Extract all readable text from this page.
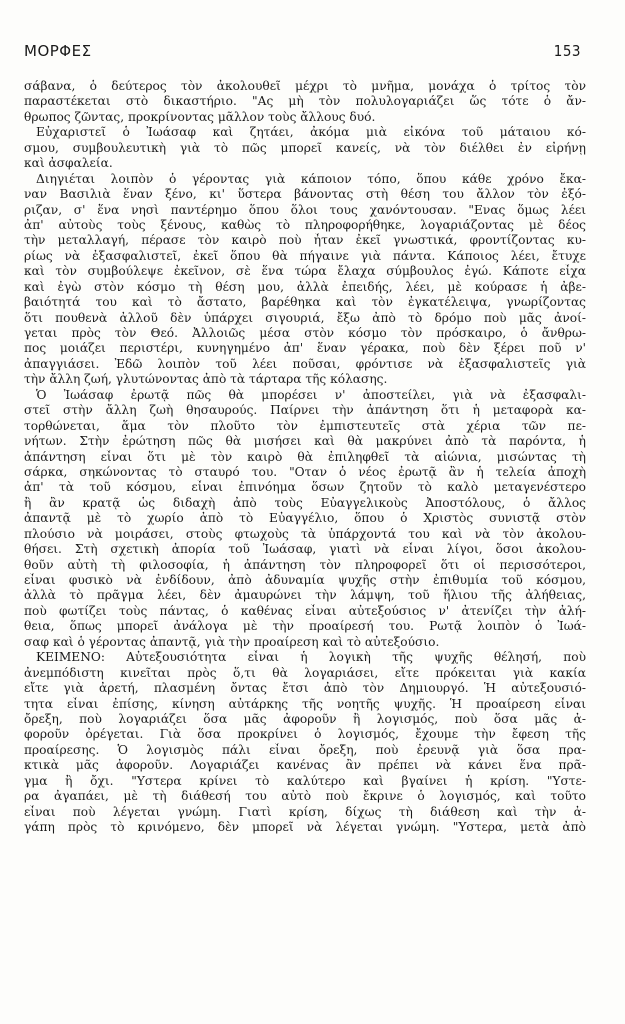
ΜΟΡΦΕΣ	153
σάβανα, ὁ δεύτερος τὸν ἀκολουθεῖ μέχρι τὸ μνῆμα, μονάχα ὁ τρίτος τὸν
παραστέκεται στὸ δικαστήριο. "Ας μὴ τὸν πολυλογαριάζει ὥς τότε ὁ ἄν-
θρωπος ζῶντας, προκρίνοντας μᾶλλον τοὺς ἄλλους δυό.
Εὐχαριστεῖ ὁ Ἰωάσαφ καὶ ζητάει, ἀκόμα μιὰ εἰκόνα τοῦ μάταιου κό-
σμου, συμβουλευτικὴ γιὰ τὸ πῶς μπορεῖ κανείς, νὰ τὸν διέλθει ἐν εἰρήνῃ
καὶ ἀσφαλεία.
Διηγιέται λοιπὸν ὁ γέροντας γιὰ κάποιον τόπο, ὅπου κάθε χρόνο ἔκα-
ναν Βασιλιὰ ἕναν ξένο, κι' ὕστερα βάνοντας στὴ θέση του ἄλλον τὸν ἐξό-
ριζαν, σ' ἕνα νησὶ παντέρημο ὅπου ὅλοι τους χανόντουσαν. "Ενας ὅμως λέει
ἀπ' αὐτοὺς τοὺς ξένους, καθὼς τὸ πληροφορήθηκε, λογαριάζοντας μὲ δέος
τὴν μεταλλαγή, πέρασε τὸν καιρὸ ποὺ ἦταν ἐκεῖ γνωστικά, φροντίζοντας κυ-
ρίως νὰ ἐξασφαλιστεῖ, ἐκεῖ ὅπου θὰ πήγαινε γιὰ πάντα. Κάποιος λέει, ἔτυχε
καὶ τὸν συμβούλεψε ἐκεῖνον, σὲ ἕνα τώρα ἔλαχα σύμβουλος ἐγώ. Κάποτε εἶχα
καὶ ἐγὼ στὸν κόσμο τὴ θέση μου, ἀλλὰ ἐπειδής, λέει, μὲ κούρασε ἡ ἀβε-
βαιότητά του καὶ τὸ ἄστατο, βαρέθηκα καὶ τὸν ἐγκατέλειψα, γνωρίζοντας
ὅτι πουθενὰ ἀλλοῦ δὲν ὑπάρχει σιγουριά, ἔξω ἀπὸ τὸ δρόμο ποὺ μᾶς ἀνοί-
γεται πρὸς τὸν Θεό. Ἀλλοιῶς μέσα στὸν κόσμο τὸν πρόσκαιρο, ὁ ἄνθρω-
πος μοιάζει περιστέρι, κυνηγημένο ἀπ' ἕναν γέρακα, ποὺ δὲν ξέρει ποῦ ν'
ἀπαγγιάσει. Ἐδῶ λοιπὸν τοῦ λέει ποῦσαι, φρόντισε νὰ ἐξασφαλιστεῖς γιὰ
τὴν ἄλλη ζωή, γλυτώνοντας ἀπὸ τὰ τάρταρα τῆς κόλασης.
Ὁ Ἰωάσαφ ἐρωτᾷ πῶς θὰ μπορέσει ν' ἀποστείλει, γιὰ νὰ ἐξασφαλι-
στεῖ στὴν ἄλλη ζωὴ θησαυρούς. Παίρνει τὴν ἀπάντηση ὅτι ἡ μεταφορὰ κα-
τορθώνεται, ἅμα τὸν πλοῦτο τὸν ἐμπιστευτεῖς στὰ χέρια τῶν πε-
νήτων. Στὴν ἐρώτηση πῶς θὰ μισήσει καὶ θὰ μακρύνει ἀπὸ τὰ παρόντα, ἡ
ἀπάντηση εἶναι ὅτι μὲ τὸν καιρὸ θὰ ἐπιληφθεῖ τὰ αἰώνια, μισώντας τὴ
σάρκα, σηκώνοντας τὸ σταυρό του. "Οταν ὁ νέος ἐρωτᾷ ἂν ἡ τελεία ἀποχὴ
ἀπ' τὰ τοῦ κόσμου, εἶναι ἐπινόημα ὅσων ζητοῦν τὸ καλὸ μεταγενέστερο
ἢ ἂν κρατᾷ ὡς διδαχὴ ἀπὸ τοὺς Εὐαγγελικοὺς Ἀποστόλους, ὁ ἄλλος
ἀπαντᾷ μὲ τὸ χωρίο ἀπὸ τὸ Εὐαγγέλιο, ὅπου ὁ Χριστὸς συνιστᾷ στὸν
πλούσιο νὰ μοιράσει, στοὺς φτωχοὺς τὰ ὑπάρχοντά του καὶ νὰ τὸν ἀκολου-
θήσει. Στὴ σχετικὴ ἀπορία τοῦ Ἰωάσαφ, γιατὶ νὰ εἶναι λίγοι, ὅσοι ἀκολου-
θοῦν αὐτὴ τὴ φιλοσοφία, ἡ ἀπάντηση τὸν πληροφορεῖ ὅτι οἱ περισσότεροι,
εἶναι φυσικὸ νὰ ἐνδίδουν, ἀπὸ ἀδυναμία ψυχῆς στὴν ἐπιθυμία τοῦ κόσμου,
ἀλλὰ τὸ πρᾶγμα λέει, δὲν ἀμαυρώνει τὴν λάμψη, τοῦ ἥλιου τῆς ἀλήθειας,
ποὺ φωτίζει τοὺς πάντας, ὁ καθένας εἶναι αὐτεξούσιος ν' ἀτενίζει τὴν ἀλή-
θεια, ὅπως μπορεῖ ἀνάλογα μὲ τὴν προαίρεσή του. Ρωτᾷ λοιπὸν ὁ Ἰωά-
σαφ καὶ ὁ γέροντας ἀπαντᾷ, γιὰ τὴν προαίρεση καὶ τὸ αὐτεξούσιο.
ΚΕΙΜΕΝΟ: Αὐτεξουσιότητα εἶναι ἡ λογικὴ τῆς ψυχῆς θέλησή, ποὺ
ἀνεμπόδιστη κινεῖται πρὸς ὅ,τι θὰ λογαριάσει, εἴτε πρόκειται γιὰ κακία
εἴτε γιὰ ἀρετή, πλασμένη ὄντας ἔτσι ἀπὸ τὸν Δημιουργό. Ἡ αὐτεξουσιό-
τητα εἶναι ἐπίσης, κίνηση αὐτάρκης τῆς νοητῆς ψυχῆς. Ἡ προαίρεση εἶναι
ὄρεξη, ποὺ λογαριάζει ὅσα μᾶς ἀφοροῦν ἢ λογισμός, ποὺ ὅσα μᾶς ἀ-
φοροῦν ὀρέγεται. Γιὰ ὅσα προκρίνει ὁ λογισμός, ἔχουμε τὴν ἔφεση τῆς
προαίρεσης. Ὁ λογισμὸς πάλι εἶναι ὄρεξη, ποὺ ἐρευνᾷ γιὰ ὅσα πρα-
κτικὰ μᾶς ἀφοροῦν. Λογαριάζει κανένας ἂν πρέπει νὰ κάνει ἕνα πρᾶ-
γμα ἢ ὄχι. "Υστερα κρίνει τὸ καλύτερο καὶ βγαίνει ἡ κρίση. "Υστε-
ρα ἀγαπάει, μὲ τὴ διάθεσή του αὐτὸ ποὺ ἔκρινε ὁ λογισμός, καὶ τοῦτο
εἶναι ποὺ λέγεται γνώμη. Γιατὶ κρίση, δίχως τὴ διάθεση καὶ τὴν ἀ-
γάπη πρὸς τὸ κρινόμενο, δὲν μπορεῖ νὰ λέγεται γνώμη. "Υστερα, μετὰ ἀπὸ
